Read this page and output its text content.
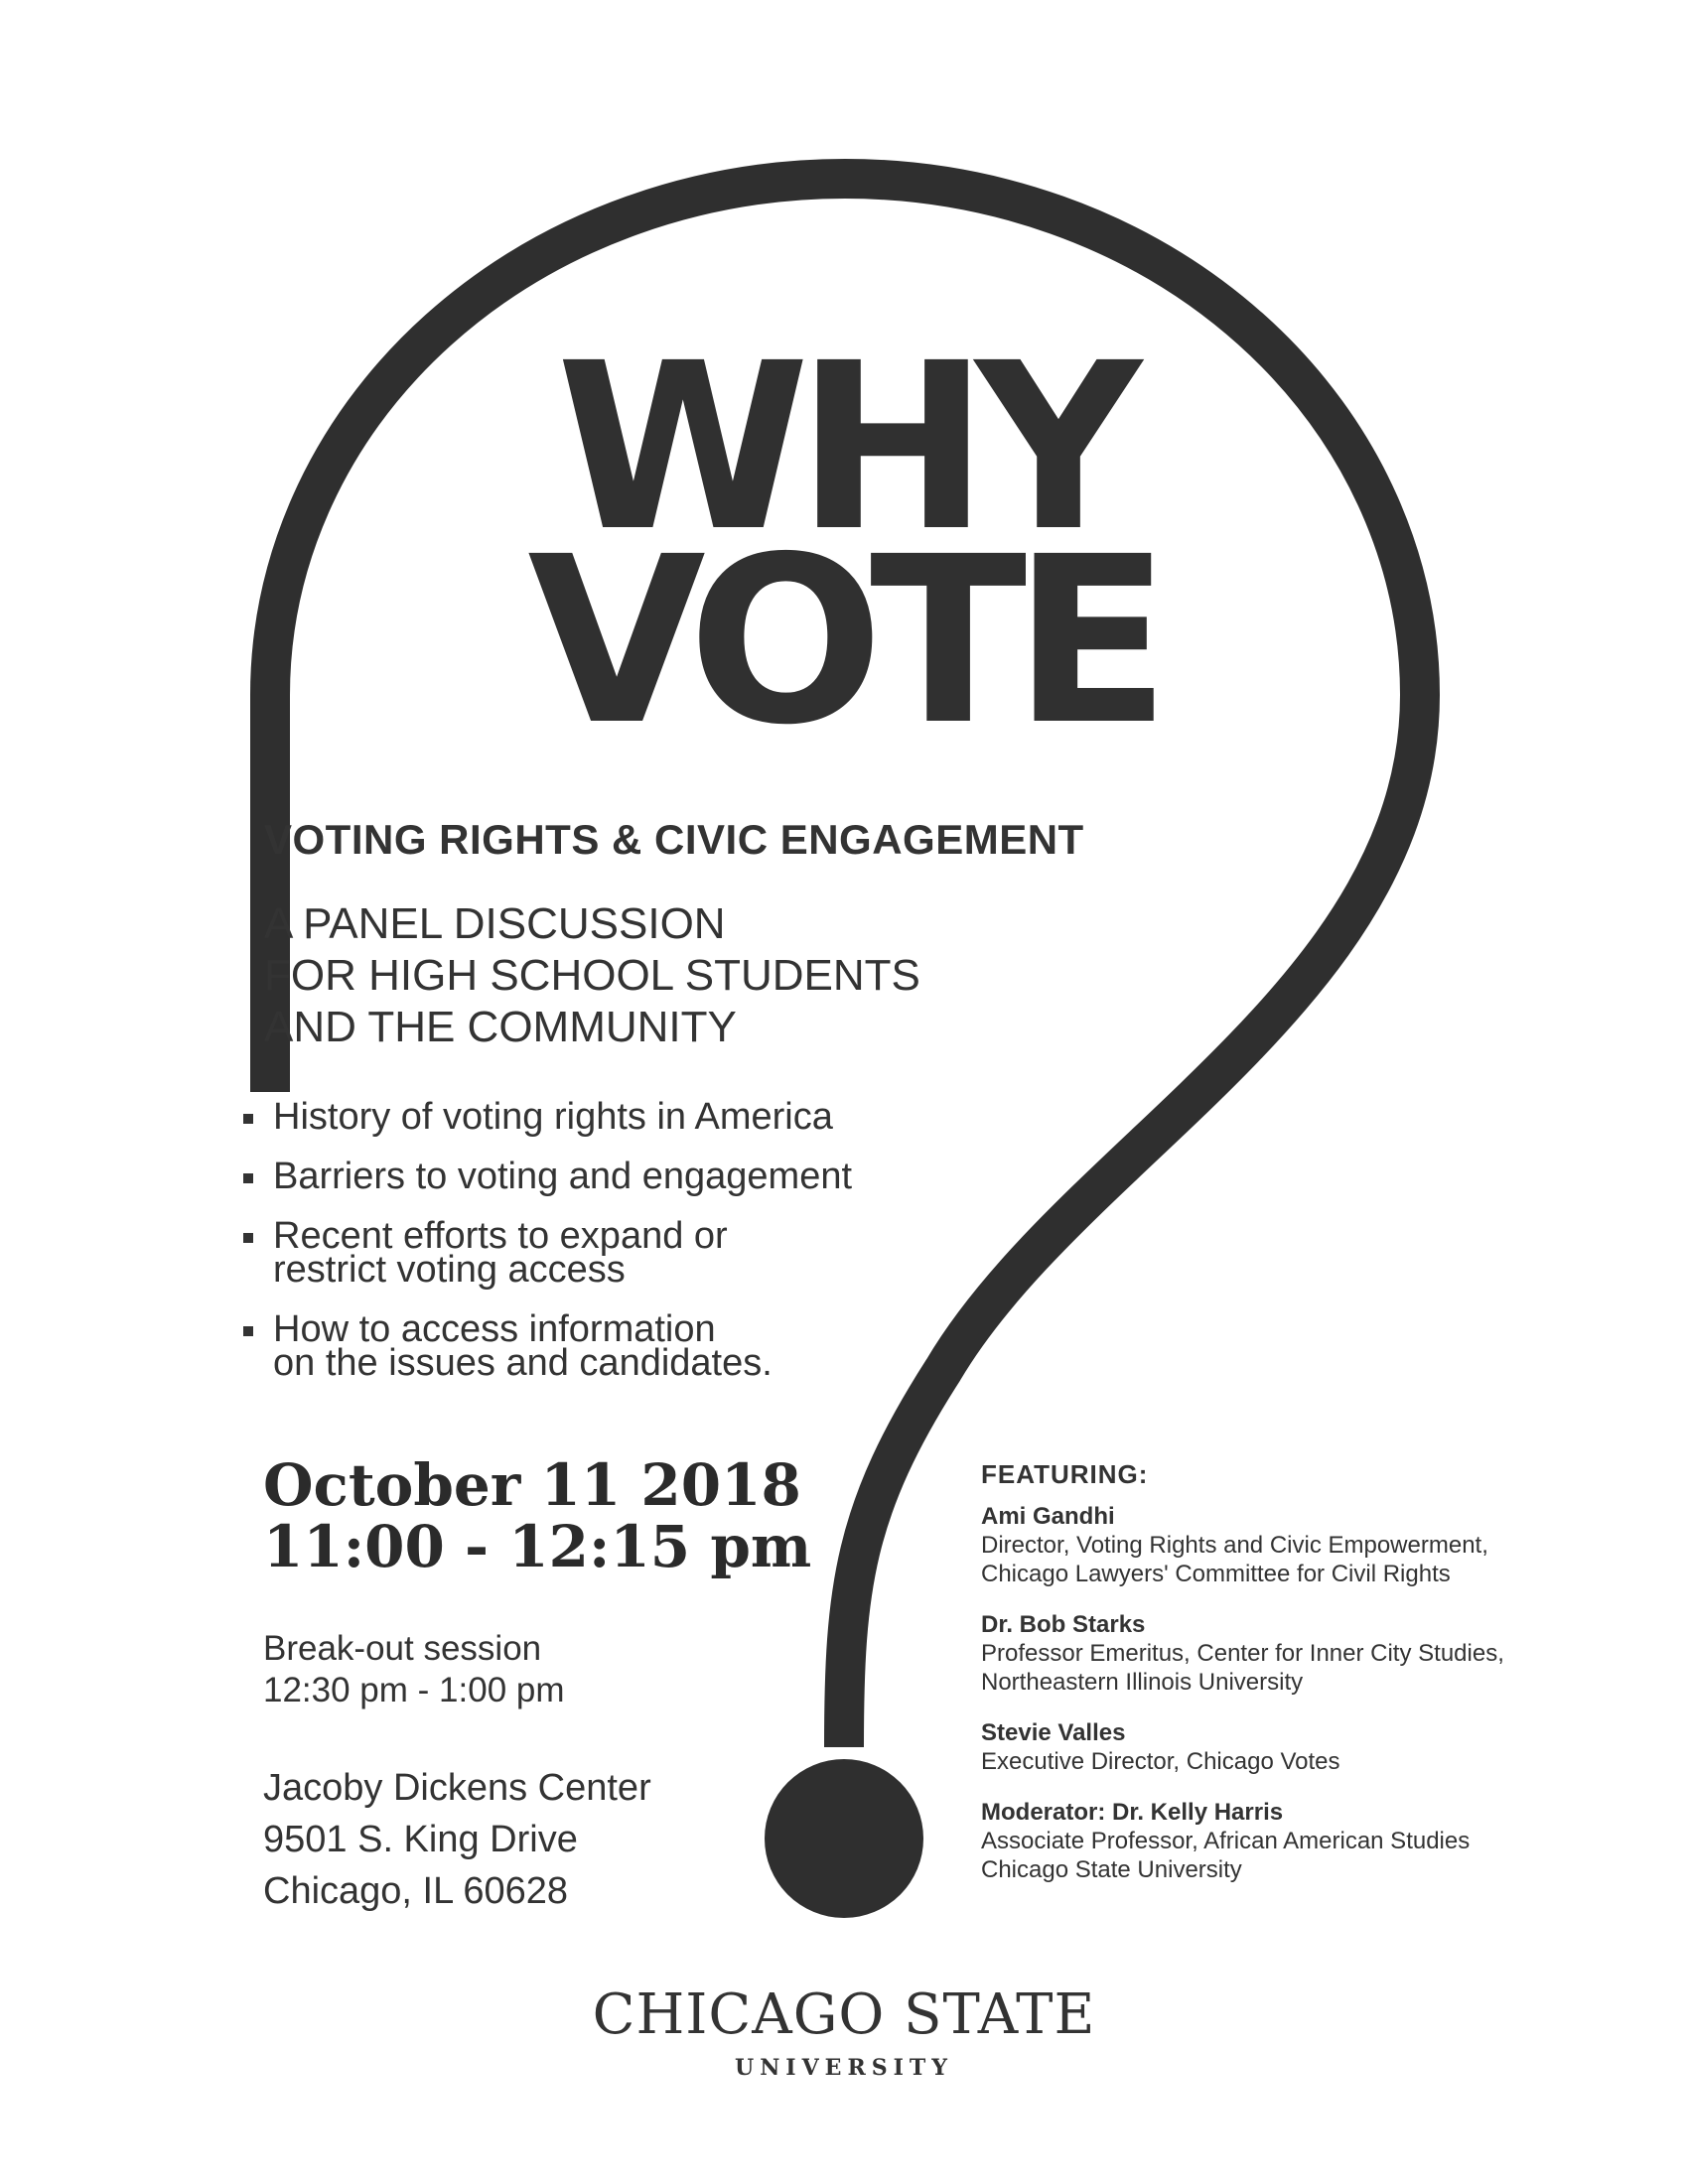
WHY
VOTE
VOTING RIGHTS & CIVIC ENGAGEMENT
A PANEL DISCUSSION
FOR HIGH SCHOOL STUDENTS
AND THE COMMUNITY
History of voting rights in America
Barriers to voting and engagement
Recent efforts to expand or
restrict voting access
How to access information
on the issues and candidates.
October 11 2018
11:00 - 12:15 pm
Break-out session
12:30 pm - 1:00 pm
Jacoby Dickens Center
9501 S. King Drive
Chicago, IL 60628
FEATURING:
Ami Gandhi
Director, Voting Rights and Civic Empowerment,
Chicago Lawyers' Committee for Civil Rights
Dr. Bob Starks
Professor Emeritus, Center for Inner City Studies,
Northeastern Illinois University
Stevie Valles
Executive Director, Chicago Votes
Moderator: Dr. Kelly Harris
Associate Professor, African American Studies
Chicago State University
CHICAGO STATE
UNIVERSITY
